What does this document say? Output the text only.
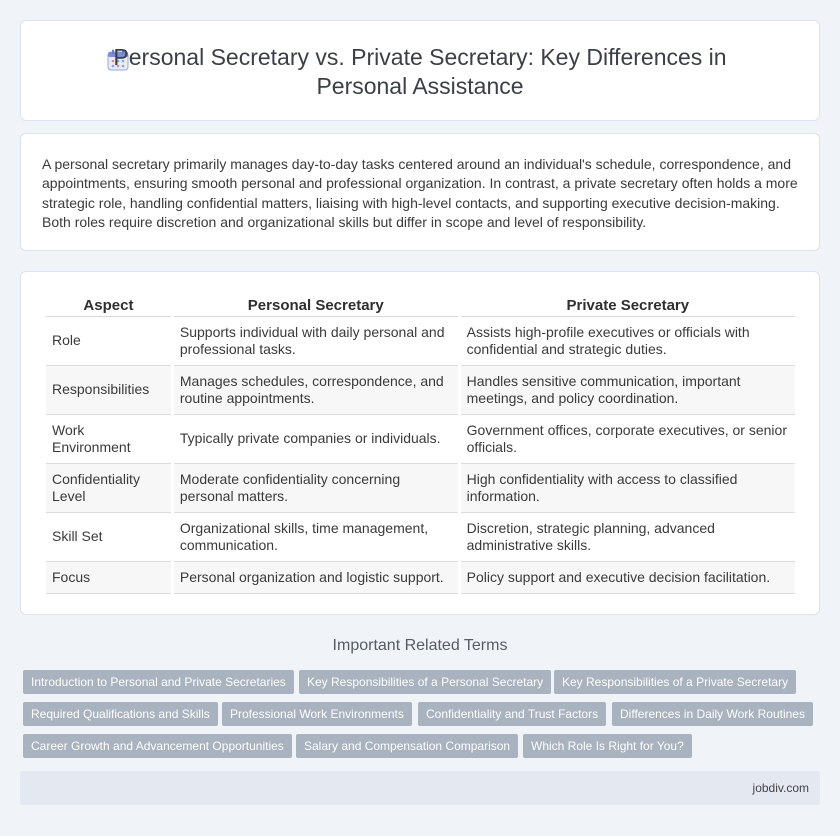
Personal Secretary vs. Private Secretary: Key Differences in
Personal Assistance

A personal secretary primarily manages day-to-day tasks centered around an individual's schedule, correspondence, and appointments, ensuring smooth personal and professional organization. In contrast, a private secretary often holds a more strategic role, handling confidential matters, liaising with high-level contacts, and supporting executive decision-making. Both roles require discretion and organizational skills but differ in scope and level of responsibility.

Aspect	Personal Secretary	Private Secretary
Role	Supports individual with daily personal and professional tasks.	Assists high-profile executives or officials with confidential and strategic duties.
Responsibilities	Manages schedules, correspondence, and routine appointments.	Handles sensitive communication, important meetings, and policy coordination.
Work Environment	Typically private companies or individuals.	Government offices, corporate executives, or senior officials.
Confidentiality Level	Moderate confidentiality concerning personal matters.	High confidentiality with access to classified information.
Skill Set	Organizational skills, time management, communication.	Discretion, strategic planning, advanced administrative skills.
Focus	Personal organization and logistic support.	Policy support and executive decision facilitation.
Important Related Terms
Introduction to Personal and Private Secretaries	Key Responsibilities of a Personal Secretary	Key Responsibilities of a Private Secretary
Required Qualifications and Skills	Professional Work Environments	Confidentiality and Trust Factors	Differences in Daily Work Routines
Career Growth and Advancement Opportunities	Salary and Compensation Comparison	Which Role Is Right for You?
jobdiv.com
